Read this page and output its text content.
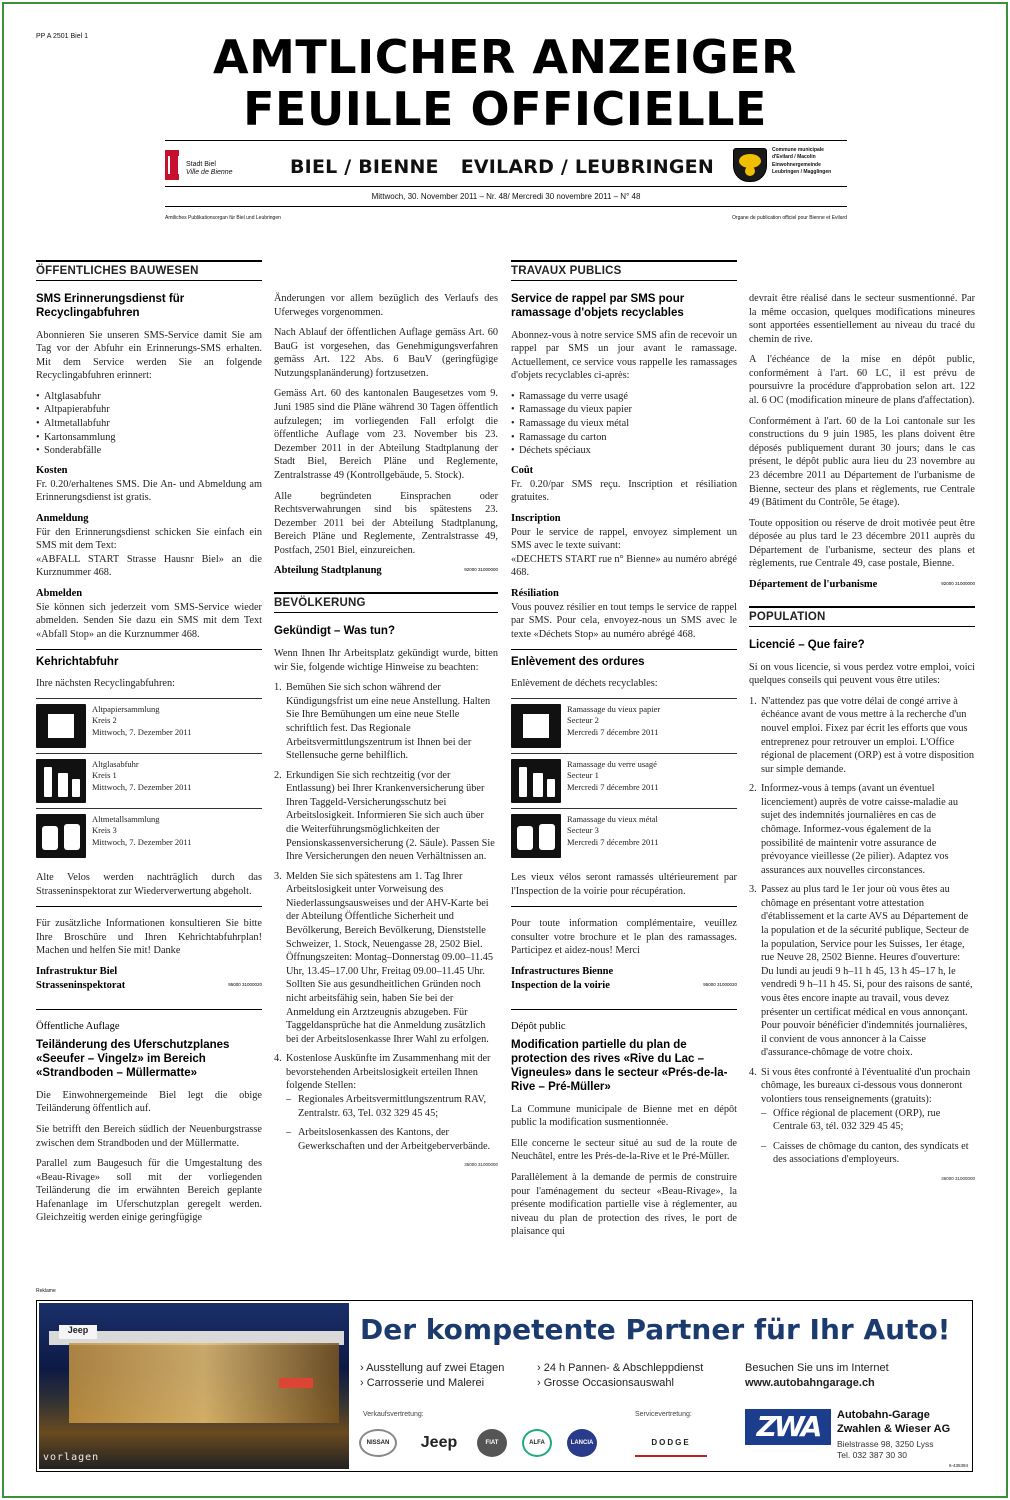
PP A 2501 Biel 1	AMTLICHER ANZEIGER
FEUILLE OFFICIELLE
Stadt Biel
Ville de Bienne	BIEL / BIENNE EVILARD / LEUBRINGEN
Commune municipale
d'Evilard / Macolin
Einwohnergemeinde
Leubringen / Magglingen
Mittwoch, 30. November 2011 – Nr. 48/ Mercredi 30 novembre 2011 – N° 48
Amtliches Publikationsorgan für Biel und Leubringen	Organe de publication officiel pour Bienne et Evilard
ÖFFENTLICHES BAUWESEN
SMS Erinnerungsdienst für Recyclingabfuhren

Abonnieren Sie unseren SMS-Service damit Sie am Tag vor der Abfuhr ein Erinnerungs-SMS erhalten. Mit dem Service werden Sie an folgende Recyclingabfuhren erinnert:

• Altglasabfuhr
• Altpapierabfuhr
• Altmetallabfuhr
• Kartonsammlung
• Sonderabfälle
Kosten

Fr. 0.20/erhaltenes SMS. Die An- und Abmeldung am Erinnerungsdienst ist gratis.

Anmeldung

Für den Erinnerungsdienst schicken Sie einfach ein SMS mit dem Text:

«ABFALL START Strasse Hausnr Biel» an die Kurznummer 468.

Abmelden

Sie können sich jederzeit vom SMS-Service wieder abmelden. Senden Sie dazu ein SMS mit dem Text «Abfall Stop» an die Kurznummer 468.

Kehrichtabfuhr

Ihre nächsten Recyclingabfuhren:

Altpapiersammlung
Kreis 2
Mittwoch, 7. Dezember 2011
Altglasabfuhr
Kreis 1
Mittwoch, 7. Dezember 2011
Altmetallsammlung
Kreis 3
Mittwoch, 7. Dezember 2011

Alte Velos werden nachträglich durch das Strasseninspektorat zur Wiederverwertung abgeholt.

Für zusätzliche Informationen konsultieren Sie bitte Ihre Broschüre und Ihren Kehrichtabfuhrplan! Machen und helfen Sie mit! Danke

Infrastruktur Biel
Strasseninspektorat	95000 31000020
Öffentliche Auflage
Teiländerung des Uferschutzplanes «Seeufer – Vingelz» im Bereich «Strandboden – Müllermatte»

Die Einwohnergemeinde Biel legt die obige Teiländerung öffentlich auf.

Sie betrifft den Bereich südlich der Neuenburgstrasse zwischen dem Strandboden und der Müllermatte.

Parallel zum Baugesuch für die Umgestaltung des «Beau-Rivage» soll mit der vorliegenden Teiländerung die im erwähnten Bereich geplante Hafenanlage im Uferschutzplan geregelt werden. Gleichzeitig werden einige geringfügige

Änderungen vor allem bezüglich des Verlaufs des Uferweges vorgenommen.

Nach Ablauf der öffentlichen Auflage gemäss Art. 60 BauG ist vorgesehen, das Genehmigungsverfahren gemäss Art. 122 Abs. 6 BauV (geringfügige Nutzungsplanänderung) fortzusetzen.

Gemäss Art. 60 des kantonalen Baugesetzes vom 9. Juni 1985 sind die Pläne während 30 Tagen öffentlich aufzulegen; im vorliegenden Fall erfolgt die öffentliche Auflage vom 23. November bis 23. Dezember 2011 in der Abteilung Stadtplanung der Stadt Biel, Bereich Pläne und Reglemente, Zentralstrasse 49 (Kontrollgebäude, 5. Stock).

Alle begründeten Einsprachen oder Rechtsverwahrungen sind bis spätestens 23. Dezember 2011 bei der Abteilung Stadtplanung, Bereich Pläne und Reglemente, Zentralstrasse 49, Postfach, 2501 Biel, einzureichen.

Abteilung Stadtplanung	92000 31000000
BEVÖLKERUNG
Gekündigt – Was tun?

Wenn Ihnen Ihr Arbeitsplatz gekündigt wurde, bitten wir Sie, folgende wichtige Hinweise zu beachten:

1. Bemühen Sie sich schon während der Kündigungsfrist um eine neue Anstellung. Halten Sie Ihre Bemühungen um eine neue Stelle schriftlich fest. Das Regionale Arbeitsvermittlungszentrum ist Ihnen bei der Stellensuche gerne behilflich.
2. Erkundigen Sie sich rechtzeitig (vor der Entlassung) bei Ihrer Krankenversicherung über Ihren Taggeld-Versicherungsschutz bei Arbeitslosigkeit. Informieren Sie sich auch über die Weiterführungsmöglichkeiten der Pensionskassenversicherung (2. Säule). Passen Sie Ihre Versicherungen den neuen Verhältnissen an.
3. Melden Sie sich spätestens am 1. Tag Ihrer Arbeitslosigkeit unter Vorweisung des Niederlassungsausweises und der AHV-Karte bei der Abteilung Öffentliche Sicherheit und Bevölkerung, Bereich Bevölkerung, Dienststelle Schweizer, 1. Stock, Neuengasse 28, 2502 Biel. Öffnungszeiten: Montag–Donnerstag 09.00–11.45 Uhr, 13.45–17.00 Uhr, Freitag 09.00–11.45 Uhr. Sollten Sie aus gesundheitlichen Gründen noch nicht arbeitsfähig sein, haben Sie bei der Anmeldung ein Arztzeugnis abzugeben. Für Taggeldansprüche hat die Anmeldung zusätzlich bei der Arbeitslosenkasse Ihrer Wahl zu erfolgen.
4. Kostenlose Auskünfte im Zusammenhang mit der bevorstehenden Arbeitslosigkeit erteilen Ihnen folgende Stellen:
– Regionales Arbeitsvermittlungszentrum RAV, Zentralstr. 63, Tel. 032 329 45 45;
– Arbeitslosenkassen des Kantons, der Gewerkschaften und der Arbeitgeberverbände.
36000 31000000
TRAVAUX PUBLICS
Service de rappel par SMS pour ramassage d'objets recyclables

Abonnez-vous à notre service SMS afin de recevoir un rappel par SMS un jour avant le ramassage. Actuellement, ce service vous rappelle les ramassages d'objets recyclables ci-après:

• Ramassage du verre usagé
• Ramassage du vieux papier
• Ramassage du vieux métal
• Ramassage du carton
• Déchets spéciaux
Coût

Fr. 0.20/par SMS reçu. Inscription et résiliation gratuites.

Inscription

Pour le service de rappel, envoyez simplement un SMS avec le texte suivant:

«DECHETS START rue n° Bienne» au numéro abrégé 468.

Résiliation

Vous pouvez résilier en tout temps le service de rappel par SMS. Pour cela, envoyez-nous un SMS avec le texte «Déchets Stop» au numéro abrégé 468.

Enlèvement des ordures

Enlèvement de déchets recyclables:

Ramassage du vieux papier
Secteur 2
Mercredi 7 décembre 2011
Ramassage du verre usagé
Secteur 1
Mercredi 7 décembre 2011
Ramassage du vieux métal
Secteur 3
Mercredi 7 décembre 2011

Les vieux vélos seront ramassés ultérieurement par l'Inspection de la voirie pour récupération.

Pour toute information complémentaire, veuillez consulter votre brochure et le plan des ramassages. Participez et aidez-nous! Merci

Infrastructures Bienne
Inspection de la voirie	95000 31000020
Dépôt public
Modification partielle du plan de protection des rives «Rive du Lac – Vigneules» dans le secteur «Prés-de-la-Rive – Pré-Müller»

La Commune municipale de Bienne met en dépôt public la modification susmentionnée.

Elle concerne le secteur situé au sud de la route de Neuchâtel, entre les Prés-de-la-Rive et le Pré-Müller.

Parallèlement à la demande de permis de construire pour l'aménagement du secteur «Beau-Rivage», la présente modification partielle vise à réglementer, au niveau du plan de protection des rives, le port de plaisance qui

devrait être réalisé dans le secteur susmentionné. Par la même occasion, quelques modifications mineures sont apportées essentiellement au niveau du tracé du chemin de rive.

A l'échéance de la mise en dépôt public, conformément à l'art. 60 LC, il est prévu de poursuivre la procédure d'approbation selon art. 122 al. 6 OC (modification mineure de plans d'affectation).

Conformément à l'art. 60 de la Loi cantonale sur les constructions du 9 juin 1985, les plans doivent être déposés publiquement durant 30 jours; dans le cas présent, le dépôt public aura lieu du 23 novembre au 23 décembre 2011 au Département de l'urbanisme de Bienne, secteur des plans et règlements, rue Centrale 49 (Bâtiment du Contrôle, 5e étage).

Toute opposition ou réserve de droit motivée peut être déposée au plus tard le 23 décembre 2011 auprès du Département de l'urbanisme, secteur des plans et règlements, rue Centrale 49, case postale, Bienne.

Département de l'urbanisme	92000 31000000
POPULATION
Licencié – Que faire?

Si on vous licencie, si vous perdez votre emploi, voici quelques conseils qui peuvent vous être utiles:

1. N'attendez pas que votre délai de congé arrive à échéance avant de vous mettre à la recherche d'un nouvel emploi. Fixez par écrit les efforts que vous entreprenez pour retrouver un emploi. L'Office régional de placement (ORP) est à votre disposition sur simple demande.
2. Informez-vous à temps (avant un éventuel licenciement) auprès de votre caisse-maladie au sujet des indemnités journalières en cas de chômage. Informez-vous également de la possibilité de maintenir votre assurance de prévoyance vieillesse (2e pilier). Adaptez vos assurances aux nouvelles circonstances.
3. Passez au plus tard le 1er jour où vous êtes au chômage en présentant votre attestation d'établissement et la carte AVS au Département de la population et de la sécurité publique, Secteur de la population, Service pour les Suisses, 1er étage, rue Neuve 28, 2502 Bienne. Heures d'ouverture: Du lundi au jeudi 9 h–11 h 45, 13 h 45–17 h, le vendredi 9 h–11 h 45. Si, pour des raisons de santé, vous êtes encore inapte au travail, vous devez présenter un certificat médical en vous annonçant. Pour pouvoir bénéficier d'indemnités journalières, il convient de vous annoncer à la Caisse d'assurance-chômage de votre choix.
4. Si vous êtes confronté à l'éventualité d'un prochain chômage, les bureaux ci-dessous vous donneront volontiers tous renseignements (gratuits):
– Office régional de placement (ORP), rue Centrale 63, tél. 032 329 45 45;
– Caisses de chômage du canton, des syndicats et des associations d'employeurs.
36000 31000000
Reklame
Jeep
vorlagen
Der kompetente Partner für Ihr Auto!
› Ausstellung auf zwei Etagen
› Carrosserie und Malerei
› 24 h Pannen- & Abschleppdienst
› Grosse Occasionsauswahl
Besuchen Sie uns im Internet
www.autobahngarage.ch
Verkaufsvertretung:	Servicevertretung:
NISSAN	Jeep	FIAT	ALFA	LANCIA	DODGE	ZWA	Autobahn-Garage
Zwahlen & Wieser AG
Bielstrasse 98, 3250 Lyss
Tel. 032 387 30 30
6-435394
